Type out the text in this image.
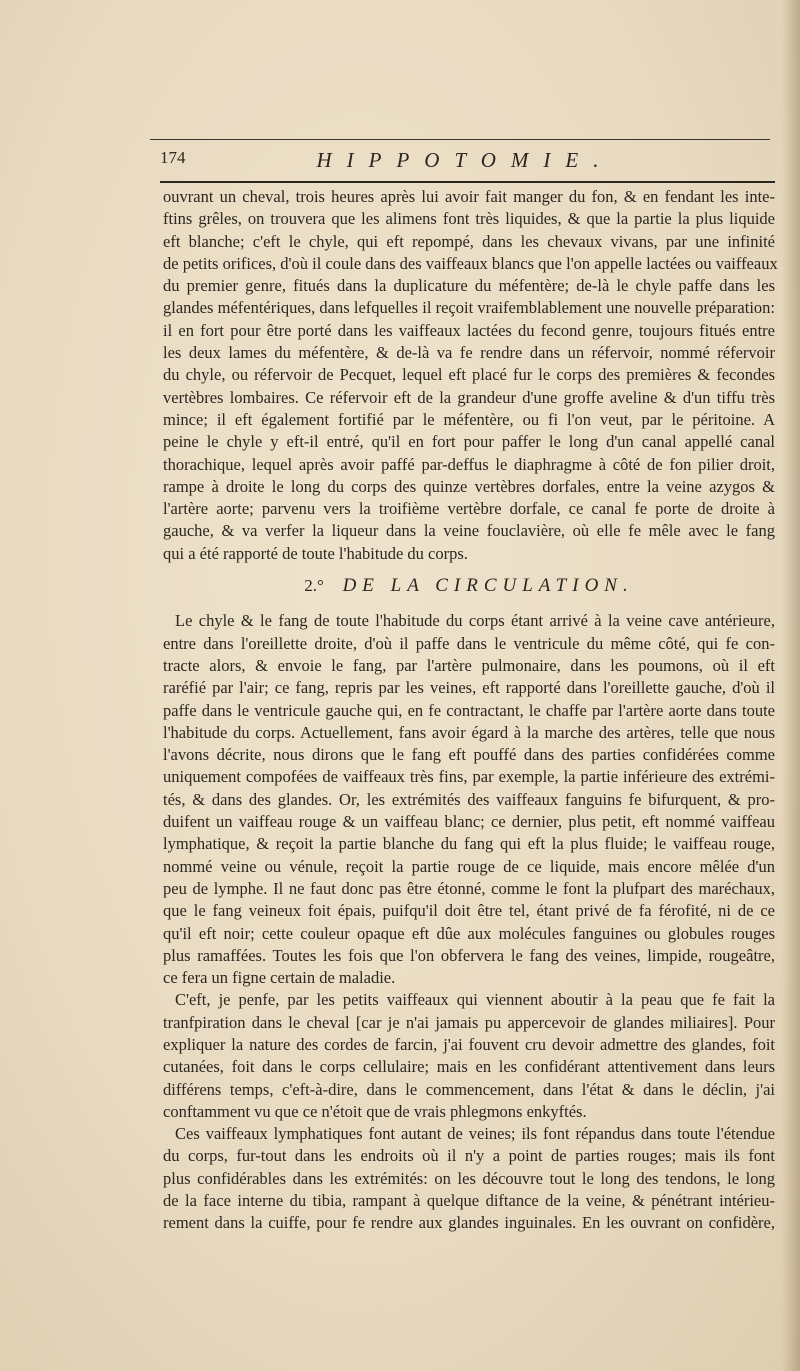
174	HIPPOTOMIE.
ouvrant un cheval, trois heures après lui avoir fait manger du fon, & en fendant les inte-
ftins grêles, on trouvera que les alimens font très liquides, & que la partie la plus liquide
eft blanche; c'eft le chyle, qui eft repompé, dans les chevaux vivans, par une infinité
de petits orifices, d'où il coule dans des vaiffeaux blancs que l'on appelle lactées ou vaiffeaux
du premier genre, fitués dans la duplicature du méfentère; de-là le chyle paffe dans les
glandes méfentériques, dans lefquelles il reçoit vraifemblablement une nouvelle préparation:
il en fort pour être porté dans les vaiffeaux lactées du fecond genre, toujours fitués entre
les deux lames du méfentère, & de-là va fe rendre dans un réfervoir, nommé réfervoir
du chyle, ou réfervoir de Pecquet, lequel eft placé fur le corps des premières & fecondes
vertèbres lombaires. Ce réfervoir eft de la grandeur d'une groffe aveline & d'un tiffu très
mince; il eft également fortifié par le méfentère, ou fi l'on veut, par le péritoine. A
peine le chyle y eft-il entré, qu'il en fort pour paffer le long d'un canal appellé canal
thorachique, lequel après avoir paffé par-deffus le diaphragme à côté de fon pilier droit,
rampe à droite le long du corps des quinze vertèbres dorfales, entre la veine azygos &
l'artère aorte; parvenu vers la troifième vertèbre dorfale, ce canal fe porte de droite à
gauche, & va verfer la liqueur dans la veine fouclavière, où elle fe mêle avec le fang
qui a été rapporté de toute l'habitude du corps.
2.° DE LA CIRCULATION.
Le chyle & le fang de toute l'habitude du corps étant arrivé à la veine cave antérieure,
entre dans l'oreillette droite, d'où il paffe dans le ventricule du même côté, qui fe con-
tracte alors, & envoie le fang, par l'artère pulmonaire, dans les poumons, où il eft
raréfié par l'air; ce fang, repris par les veines, eft rapporté dans l'oreillette gauche, d'où il
paffe dans le ventricule gauche qui, en fe contractant, le chaffe par l'artère aorte dans toute
l'habitude du corps. Actuellement, fans avoir égard à la marche des artères, telle que nous
l'avons décrite, nous dirons que le fang eft pouffé dans des parties confidérées comme
uniquement compofées de vaiffeaux très fins, par exemple, la partie inférieure des extrémi-
tés, & dans des glandes. Or, les extrémités des vaiffeaux fanguins fe bifurquent, & pro-
duifent un vaiffeau rouge & un vaiffeau blanc; ce dernier, plus petit, eft nommé vaiffeau
lymphatique, & reçoit la partie blanche du fang qui eft la plus fluide; le vaiffeau rouge,
nommé veine ou vénule, reçoit la partie rouge de ce liquide, mais encore mêlée d'un
peu de lymphe. Il ne faut donc pas être étonné, comme le font la plufpart des maréchaux,
que le fang veineux foit épais, puifqu'il doit être tel, étant privé de fa férofité, ni de ce
qu'il eft noir; cette couleur opaque eft dûe aux molécules fanguines ou globules rouges
plus ramaffées. Toutes les fois que l'on obfervera le fang des veines, limpide, rougeâtre,
ce fera un figne certain de maladie.
C'eft, je penfe, par les petits vaiffeaux qui viennent aboutir à la peau que fe fait la
tranfpiration dans le cheval [car je n'ai jamais pu appercevoir de glandes miliaires]. Pour
expliquer la nature des cordes de farcin, j'ai fouvent cru devoir admettre des glandes, foit
cutanées, foit dans le corps cellulaire; mais en les confidérant attentivement dans leurs
différens temps, c'eft-à-dire, dans le commencement, dans l'état & dans le déclin, j'ai
conftamment vu que ce n'étoit que de vrais phlegmons enkyftés.
Ces vaiffeaux lymphatiques font autant de veines; ils font répandus dans toute l'étendue
du corps, fur-tout dans les endroits où il n'y a point de parties rouges; mais ils font
plus confidérables dans les extrémités: on les découvre tout le long des tendons, le long
de la face interne du tibia, rampant à quelque diftance de la veine, & pénétrant intérieu-
rement dans la cuiffe, pour fe rendre aux glandes inguinales. En les ouvrant on confidère,
